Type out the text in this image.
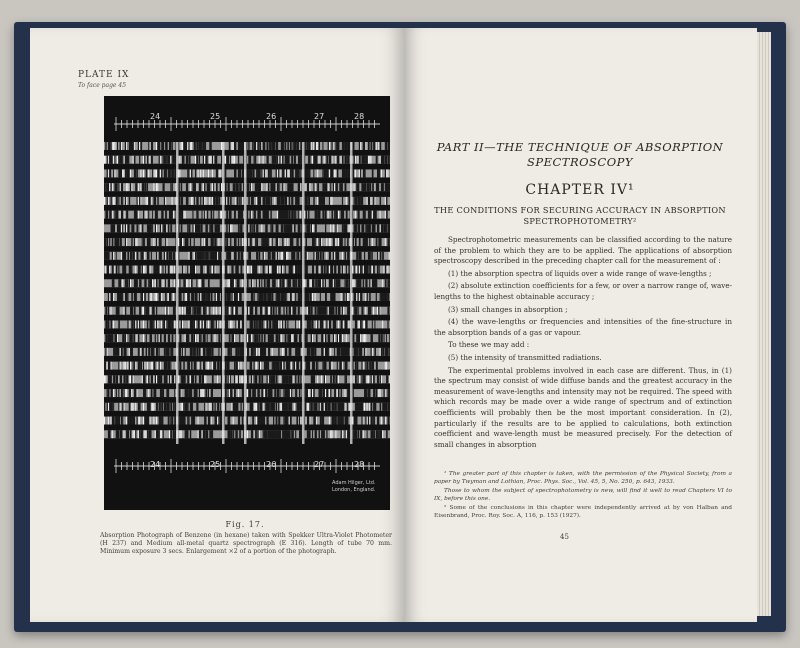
PLATE IX
To face page 45
24	25	26	27	28
24	25	26	27	28
Adam Hilger, Ltd.
London, England.
Fig. 17.
Absorption Photograph of Benzene (in hexane) taken with Spekker Ultra-Violet Photometer (H 237) and Medium all-metal quartz spectrograph (E 316). Length of tube 70 mm. Minimum exposure 3 secs. Enlargement ×2 of a portion of the photograph.
PART II—THE TECHNIQUE OF ABSORPTION SPECTROSCOPY
CHAPTER IV¹
THE CONDITIONS FOR SECURING ACCURACY IN ABSORPTION SPECTROPHOTOMETRY²

Spectrophotometric measurements can be classified according to the nature of the problem to which they are to be applied. The applications of absorption spectroscopy described in the preceding chapter call for the measurement of :

(1) the absorption spectra of liquids over a wide range of wave-lengths ;

(2) absolute extinction coefficients for a few, or over a narrow range of, wave-lengths to the highest obtainable accuracy ;

(3) small changes in absorption ;

(4) the wave-lengths or frequencies and intensities of the fine-structure in the absorption bands of a gas or vapour.

To these we may add :

(5) the intensity of transmitted radiations.

The experimental problems involved in each case are different. Thus, in (1) the spectrum may consist of wide diffuse bands and the greatest accuracy in the measurement of wave-lengths and intensity may not be required. The speed with which records may be made over a wide range of spectrum and of extinction coefficients will probably then be the most important consideration. In (2), particularly if the results are to be applied to calculations, both extinction coefficient and wave-length must be measured precisely. For the detection of small changes in absorption

¹ The greater part of this chapter is taken, with the permission of the Physical Society, from a paper by Twyman and Lothian, Proc. Phys. Soc., Vol. 45, 5, No. 250, p. 643, 1933.

Those to whom the subject of spectrophotometry is new, will find it well to read Chapters VI to IX, before this one.

² Some of the conclusions in this chapter were independently arrived at by von Halban and Eisenbrand, Proc. Roy. Soc. A, 116, p. 153 (1927).

45
